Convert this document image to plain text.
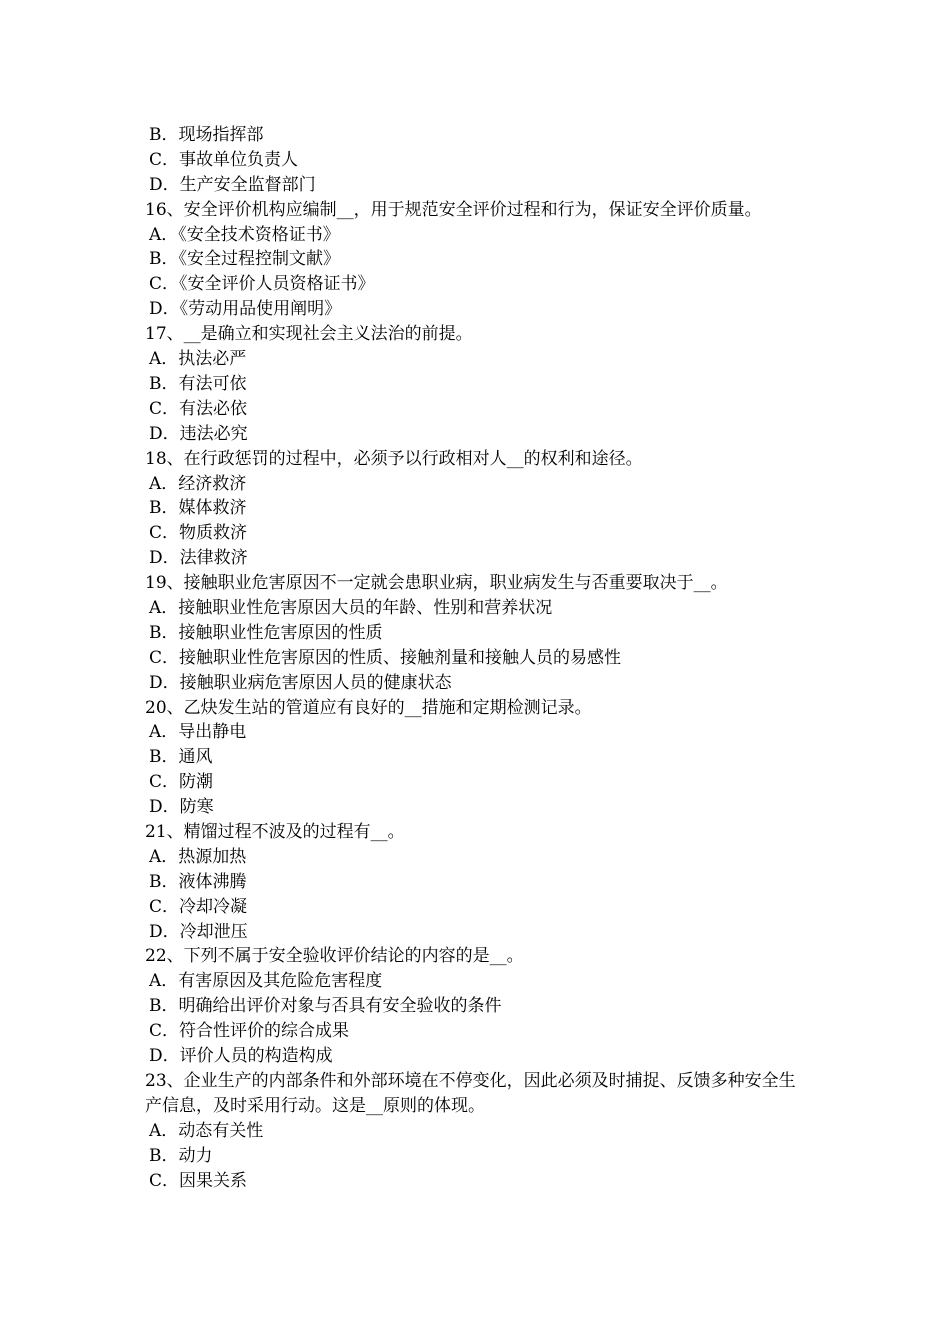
B．现场指挥部
C．事故单位负责人
D．生产安全监督部门
16、安全评价机构应编制__，用于规范安全评价过程和行为，保证安全评价质量。
A．《安全技术资格证书》
B．《安全过程控制文献》
C．《安全评价人员资格证书》
D．《劳动用品使用阐明》
17、__是确立和实现社会主义法治的前提。
A．执法必严
B．有法可依
C．有法必依
D．违法必究
18、在行政惩罚的过程中，必须予以行政相对人__的权利和途径。
A．经济救济
B．媒体救济
C．物质救济
D．法律救济
19、接触职业危害原因不一定就会患职业病，职业病发生与否重要取决于__。
A．接触职业性危害原因大员的年龄、性别和营养状况
B．接触职业性危害原因的性质
C．接触职业性危害原因的性质、接触剂量和接触人员的易感性
D．接触职业病危害原因人员的健康状态
20、乙炔发生站的管道应有良好的__措施和定期检测记录。
A．导出静电
B．通风
C．防潮
D．防寒
21、精馏过程不波及的过程有__。
A．热源加热
B．液体沸腾
C．冷却冷凝
D．冷却泄压
22、下列不属于安全验收评价结论的内容的是__。
A．有害原因及其危险危害程度
B．明确给出评价对象与否具有安全验收的条件
C．符合性评价的综合成果
D．评价人员的构造构成
23、企业生产的内部条件和外部环境在不停变化，因此必须及时捕捉、反馈多种安全生产信息，及时采用行动。这是__原则的体现。
A．动态有关性
B．动力
C．因果关系
